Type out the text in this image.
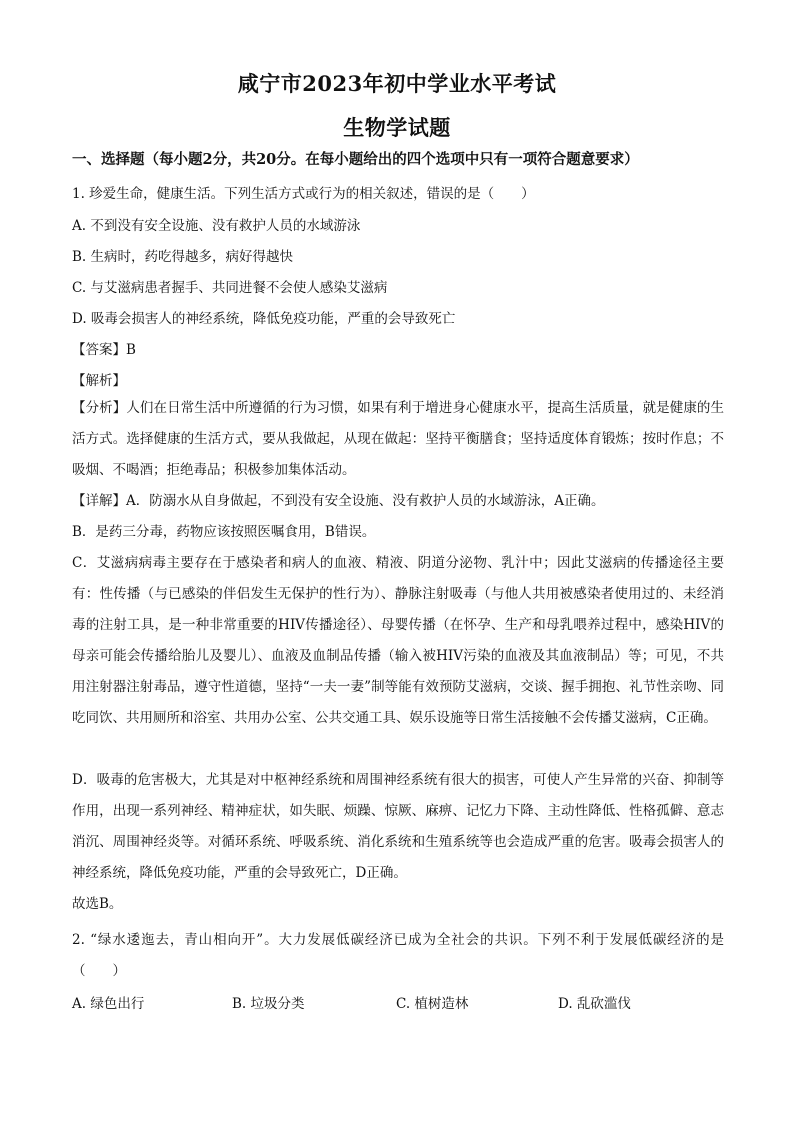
咸宁市2023年初中学业水平考试
生物学试题
一、选择题（每小题2分，共20分。在每小题给出的四个选项中只有一项符合题意要求）
1. 珍爱生命，健康生活。下列生活方式或行为的相关叙述，错误的是（　　）
A. 不到没有安全设施、没有救护人员的水域游泳
B. 生病时，药吃得越多，病好得越快
C. 与艾滋病患者握手、共同进餐不会使人感染艾滋病
D. 吸毒会损害人的神经系统，降低免疫功能，严重的会导致死亡
【答案】B
【解析】
【分析】人们在日常生活中所遵循的行为习惯，如果有利于增进身心健康水平，提高生活质量，就是健康的生活方式。选择健康的生活方式，要从我做起，从现在做起：坚持平衡膳食；坚持适度体育锻炼；按时作息；不吸烟、不喝酒；拒绝毒品；积极参加集体活动。
【详解】A．防溺水从自身做起，不到没有安全设施、没有救护人员的水域游泳，A正确。
B．是药三分毒，药物应该按照医嘱食用，B错误。
C．艾滋病病毒主要存在于感染者和病人的血液、精液、阴道分泌物、乳汁中；因此艾滋病的传播途径主要有：性传播（与已感染的伴侣发生无保护的性行为）、静脉注射吸毒（与他人共用被感染者使用过的、未经消毒的注射工具，是一种非常重要的HIV传播途径）、母婴传播（在怀孕、生产和母乳喂养过程中，感染HIV的母亲可能会传播给胎儿及婴儿）、血液及血制品传播（输入被HIV污染的血液及其血液制品）等；可见，不共用注射器注射毒品，遵守性道德，坚持“一夫一妻”制等能有效预防艾滋病，交谈、握手拥抱、礼节性亲吻、同吃同饮、共用厕所和浴室、共用办公室、公共交通工具、娱乐设施等日常生活接触不会传播艾滋病，C正确。
D．吸毒的危害极大，尤其是对中枢神经系统和周围神经系统有很大的损害，可使人产生异常的兴奋、抑制等作用，出现一系列神经、精神症状，如失眠、烦躁、惊厥、麻痹、记忆力下降、主动性降低、性格孤僻、意志消沉、周围神经炎等。对循环系统、呼吸系统、消化系统和生殖系统等也会造成严重的危害。吸毒会损害人的神经系统，降低免疫功能，严重的会导致死亡，D正确。
故选B。
2. “绿水逶迤去，青山相向开”。大力发展低碳经济已成为全社会的共识。下列不利于发展低碳经济的是（　　）
A. 绿色出行	B. 垃圾分类	C. 植树造林	D. 乱砍滥伐
